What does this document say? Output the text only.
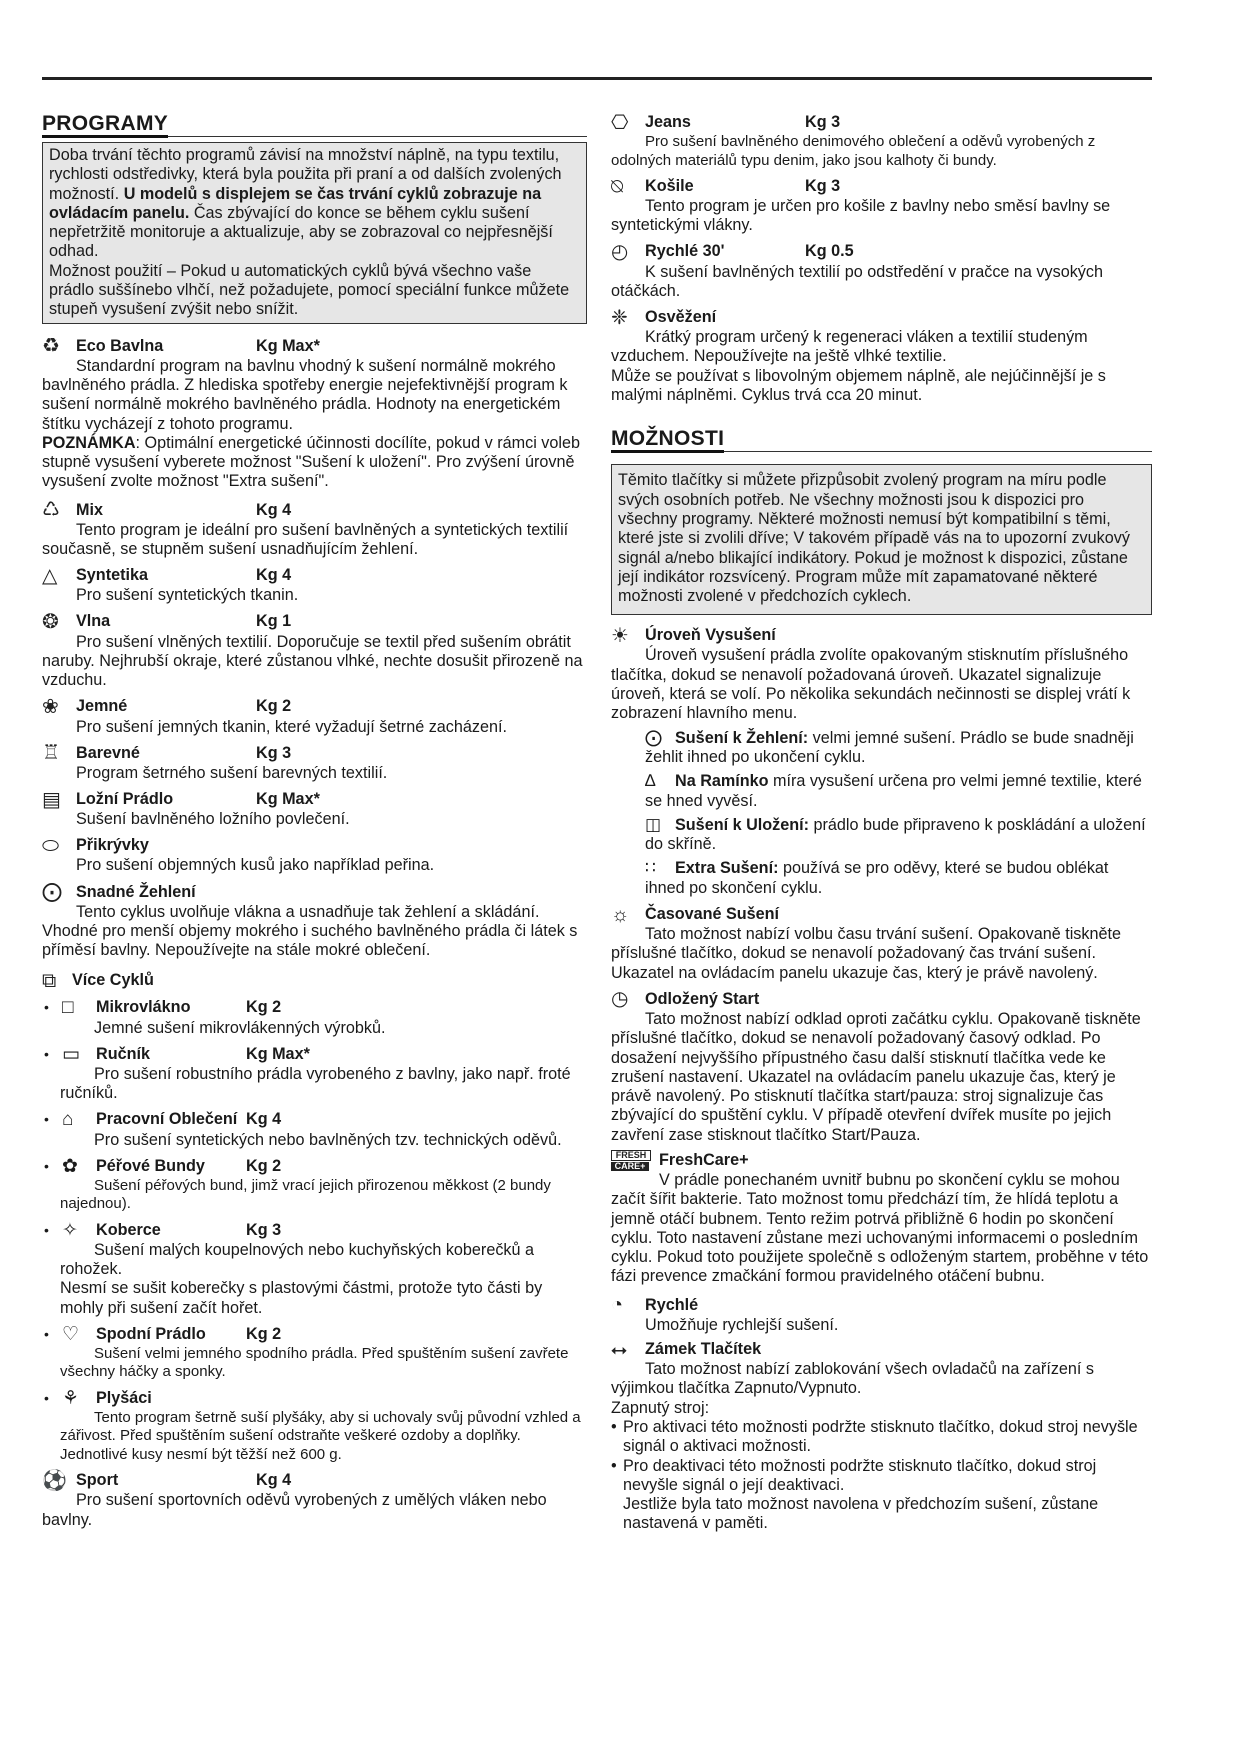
PROGRAMY
Doba trvání těchto programů závisí na množství náplně, na typu textilu, rychlosti odstředivky, která byla použita při praní a od dalších zvolených možností. U modelů s displejem se čas trvání cyklů zobrazuje na ovládacím panelu. Čas zbývající do konce se během cyklu sušení nepřetržitě monitoruje a aktualizuje, aby se zobrazoval co nejpřesnější odhad.
Možnost použití – Pokud u automatických cyklů bývá všechno vaše prádlo suššínebo vlhčí, než požadujete, pomocí speciální funkce můžete stupeň vysušení zvýšit nebo snížit.
♻ Eco Bavlna	Kg Max*
Standardní program na bavlnu vhodný k sušení normálně mokrého bavlněného prádla. Z hlediska spotřeby energie nejefektivnější program k sušení normálně mokrého bavlněného prádla. Hodnoty na energetickém štítku vycházejí z tohoto programu.
POZNÁMKA: Optimální energetické účinnosti docílíte, pokud v rámci voleb stupně vysušení vyberete možnost "Sušení k uložení". Pro zvýšení úrovně vysušení zvolte možnost "Extra sušení".
♺ Mix	Kg 4
Tento program je ideální pro sušení bavlněných a syntetických textilií současně, se stupněm sušení usnadňujícím žehlení.
△	Syntetika	Kg 4
Pro sušení syntetických tkanin.
❂	Vlna	Kg 1
Pro sušení vlněných textilií. Doporučuje se textil před sušením obrátit naruby. Nejhrubší okraje, které zůstanou vlhké, nechte dosušit přirozeně na vzduchu.
❀	Jemné	Kg 2
Pro sušení jemných tkanin, které vyžadují šetrné zacházení.
♖ Barevné	Kg 3
Program šetrného sušení barevných textilií.
▤ Ložní Prádlo	Kg Max*
Sušení bavlněného ložního povlečení.
⬭	Přikrývky
Pro sušení objemných kusů jako například peřina.
⨀ Snadné Žehlení
Tento cyklus uvolňuje vlákna a usnadňuje tak žehlení a skládání. Vhodné pro menší objemy mokrého i suchého bavlněného prádla či látek s příměsí bavlny. Nepoužívejte na stále mokré oblečení.
⧉ Více Cyklů
• □	Mikrovlákno	Kg 2
Jemné sušení mikrovlákenných výrobků.
• ▭ Ručník	Kg Max*
Pro sušení robustního prádla vyrobeného z bavlny, jako např. froté ručníků.
• ⌂	Pracovní Oblečení Kg 4
Pro sušení syntetických nebo bavlněných tzv. technických oděvů.
• ✿	Péřové Bundy	Kg 2
Sušení péřových bund, jimž vrací jejich přirozenou měkkost (2 bundy najednou).
• ✧	Koberce	Kg 3
Sušení malých koupelnových nebo kuchyňských koberečků a rohožek.
Nesmí se sušit koberečky s plastovými částmi, protože tyto části by mohly při sušení začít hořet.
• ♡	Spodní Prádlo	Kg 2
Sušení velmi jemného spodního prádla. Před spuštěním sušení zavřete všechny háčky a sponky.
• ⚘	Plyšáci
Tento program šetrně suší plyšáky, aby si uchovaly svůj původní vzhled a zářivost. Před spuštěním sušení odstraňte veškeré ozdoby a doplňky. Jednotlivé kusy nesmí být těžší než 600 g.
⚽ Sport	Kg 4
Pro sušení sportovních oděvů vyrobených z umělých vláken nebo bavlny.
⎔	Jeans	Kg 3
Pro sušení bavlněného denimového oblečení a oděvů vyrobených z odolných materiálů typu denim, jako jsou kalhoty či bundy.
⍉	Košile	Kg 3
Tento program je určen pro košile z bavlny nebo směsí bavlny se syntetickými vlákny.
◴	Rychlé 30'	Kg 0.5
K sušení bavlněných textilií po odstředění v pračce na vysokých otáčkách.
❈	Osvěžení
Krátký program určený k regeneraci vláken a textilií studeným vzduchem. Nepoužívejte na ještě vlhké textilie.
Může se používat s libovolným objemem náplně, ale nejúčinnější je s malými náplněmi. Cyklus trvá cca 20 minut.
MOŽNOSTI
Těmito tlačítky si můžete přizpůsobit zvolený program na míru podle svých osobních potřeb. Ne všechny možnosti jsou k dispozici pro všechny programy. Některé možnosti nemusí být kompatibilní s těmi, které jste si zvolili dříve; V takovém případě vás na to upozorní zvukový signál a/nebo blikající indikátory. Pokud je možnost k dispozici, zůstane její indikátor rozsvícený. Program může mít zapamatované některé možnosti zvolené v předchozích cyklech.
☀ Úroveň Vysušení
Úroveň vysušení prádla zvolíte opakovaným stisknutím příslušného tlačítka, dokud se nenavolí požadovaná úroveň. Ukazatel signalizuje úroveň, která se volí. Po několika sekundách nečinnosti se displej vrátí k zobrazení hlavního menu.
⨀ Sušení k Žehlení: velmi jemné sušení. Prádlo se bude snadněji žehlit ihned po ukončení cyklu.
∆ Na Ramínko míra vysušení určena pro velmi jemné textilie, které se hned vyvěsí.
◫ Sušení k Uložení: prádlo bude připraveno k poskládání a uložení do skříně.
∷ Extra Sušení: používá se pro oděvy, které se budou oblékat ihned po skončení cyklu.
☼ Časované Sušení
Tato možnost nabízí volbu času trvání sušení. Opakovaně tiskněte příslušné tlačítko, dokud se nenavolí požadovaný čas trvání sušení. Ukazatel na ovládacím panelu ukazuje čas, který je právě navolený.
◷	Odložený Start
Tato možnost nabízí odklad oproti začátku cyklu. Opakovaně tiskněte příslušné tlačítko, dokud se nenavolí požadovaný časový odklad. Po dosažení nejvyššího přípustného času další stisknutí tlačítka vede ke zrušení nastavení. Ukazatel na ovládacím panelu ukazuje čas, který je právě navolený. Po stisknutí tlačítka start/pauza: stroj signalizuje čas zbývající do spuštění cyklu. V případě otevření dvířek musíte po jejich zavření zase stisknout tlačítko Start/Pauza.
FRESH
CARE+ FreshCare+
V prádle ponechaném uvnitř bubnu po skončení cyklu se mohou začít šířit bakterie. Tato možnost tomu předchází tím, že hlídá teplotu a jemně otáčí bubnem. Tento režim potrvá přibližně 6 hodin po skončení cyklu. Toto nastavení zůstane mezi uchovanými informacemi o posledním cyklu. Pokud toto použijete společně s odloženým startem, proběhne v této fázi prevence zmačkání formou pravidelného otáčení bubnu.
◔	Rychlé
Umožňuje rychlejší sušení.
⭤	Zámek Tlačítek
Tato možnost nabízí zablokování všech ovladačů na zařízení s výjimkou tlačítka Zapnuto/Vypnuto.
Zapnutý stroj:
• Pro aktivaci této možnosti podržte stisknuto tlačítko, dokud stroj nevyšle signál o aktivaci možnosti.
• Pro deaktivaci této možnosti podržte stisknuto tlačítko, dokud stroj nevyšle signál o její deaktivaci.
Jestliže byla tato možnost navolena v předchozím sušení, zůstane nastavená v paměti.
